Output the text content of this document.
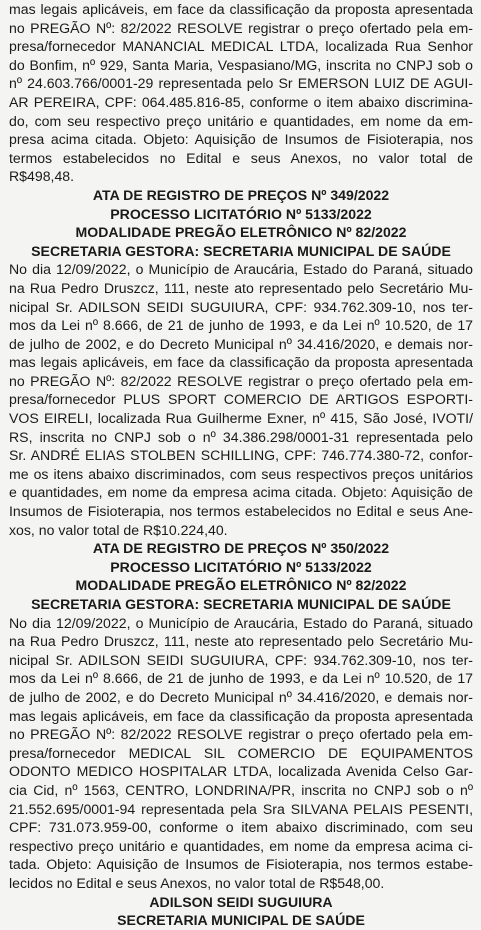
mas legais aplicáveis, em face da classificação da proposta apresentada
no PREGÃO Nº: 82/2022 RESOLVE registrar o preço ofertado pela em-
presa/fornecedor MANANCIAL MEDICAL LTDA, localizada Rua Senhor
do Bonfim, nº 929, Santa Maria, Vespasiano/MG, inscrita no CNPJ sob o
nº 24.603.766/0001-29 representada pelo Sr EMERSON LUIZ DE AGUI-
AR PEREIRA, CPF: 064.485.816-85, conforme o item abaixo discrimina-
do, com seu respectivo preço unitário e quantidades, em nome da em-
presa acima citada. Objeto: Aquisição de Insumos de Fisioterapia, nos
termos estabelecidos no Edital e seus Anexos, no valor total de
R$498,48.
ATA DE REGISTRO DE PREÇOS Nº 349/2022
PROCESSO LICITATÓRIO Nº 5133/2022
MODALIDADE PREGÃO ELETRÔNICO Nº 82/2022
SECRETARIA GESTORA: SECRETARIA MUNICIPAL DE SAÚDE
No dia 12/09/2022, o Município de Araucária, Estado do Paraná, situado
na Rua Pedro Druszcz, 111, neste ato representado pelo Secretário Mu-
nicipal Sr. ADILSON SEIDI SUGUIURA, CPF: 934.762.309-10, nos ter-
mos da Lei nº 8.666, de 21 de junho de 1993, e da Lei nº 10.520, de 17
de julho de 2002, e do Decreto Municipal nº 34.416/2020, e demais nor-
mas legais aplicáveis, em face da classificação da proposta apresentada
no PREGÃO Nº: 82/2022 RESOLVE registrar o preço ofertado pela em-
presa/fornecedor PLUS SPORT COMERCIO DE ARTIGOS ESPORTI-
VOS EIRELI, localizada Rua Guilherme Exner, nº 415, São José, IVOTI/
RS, inscrita no CNPJ sob o nº 34.386.298/0001-31 representada pelo
Sr. ANDRÉ ELIAS STOLBEN SCHILLING, CPF: 746.774.380-72, confor-
me os itens abaixo discriminados, com seus respectivos preços unitários
e quantidades, em nome da empresa acima citada. Objeto: Aquisição de
Insumos de Fisioterapia, nos termos estabelecidos no Edital e seus Ane-
xos, no valor total de R$10.224,40.
ATA DE REGISTRO DE PREÇOS Nº 350/2022
PROCESSO LICITATÓRIO Nº 5133/2022
MODALIDADE PREGÃO ELETRÔNICO Nº 82/2022
SECRETARIA GESTORA: SECRETARIA MUNICIPAL DE SAÚDE
No dia 12/09/2022, o Município de Araucária, Estado do Paraná, situado
na Rua Pedro Druszcz, 111, neste ato representado pelo Secretário Mu-
nicipal Sr. ADILSON SEIDI SUGUIURA, CPF: 934.762.309-10, nos ter-
mos da Lei nº 8.666, de 21 de junho de 1993, e da Lei nº 10.520, de 17
de julho de 2002, e do Decreto Municipal nº 34.416/2020, e demais nor-
mas legais aplicáveis, em face da classificação da proposta apresentada
no PREGÃO Nº: 82/2022 RESOLVE registrar o preço ofertado pela em-
presa/fornecedor MEDICAL SIL COMERCIO DE EQUIPAMENTOS
ODONTO MEDICO HOSPITALAR LTDA, localizada Avenida Celso Gar-
cia Cid, nº 1563, CENTRO, LONDRINA/PR, inscrita no CNPJ sob o nº
21.552.695/0001-94 representada pela Sra SILVANA PELAIS PESENTI,
CPF: 731.073.959-00, conforme o item abaixo discriminado, com seu
respectivo preço unitário e quantidades, em nome da empresa acima ci-
tada. Objeto: Aquisição de Insumos de Fisioterapia, nos termos estabe-
lecidos no Edital e seus Anexos, no valor total de R$548,00.
ADILSON SEIDI SUGUIURA
SECRETARIA MUNICIPAL DE SAÚDE
